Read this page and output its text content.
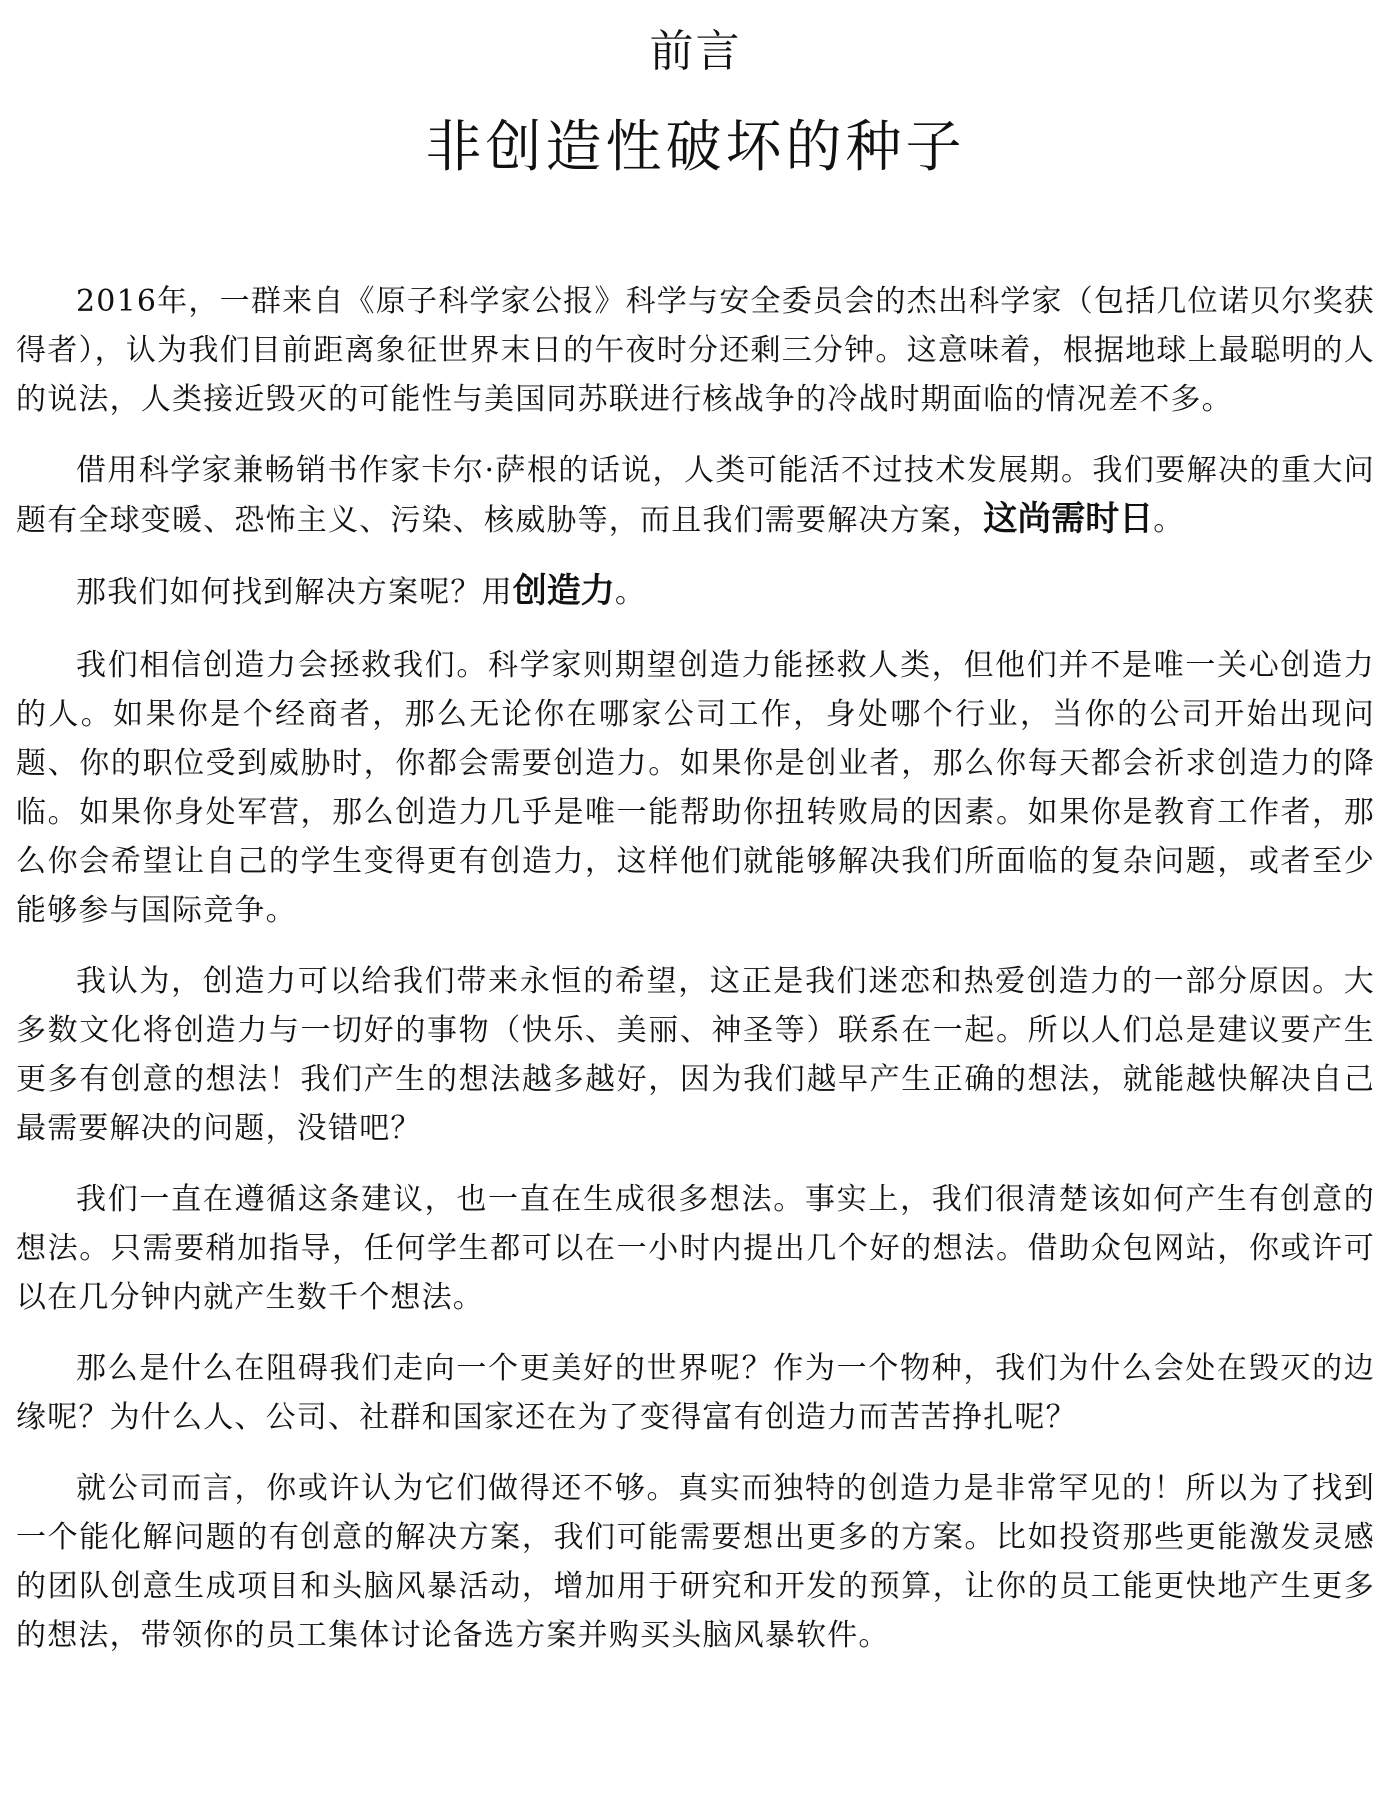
前言
非创造性破坏的种子

2016年，一群来自《原子科学家公报》科学与安全委员会的杰出科学家（包括几位诺贝尔奖获得者），认为我们目前距离象征世界末日的午夜时分还剩三分钟。这意味着，根据地球上最聪明的人的说法，人类接近毁灭的可能性与美国同苏联进行核战争的冷战时期面临的情况差不多。

借用科学家兼畅销书作家卡尔·萨根的话说，人类可能活不过技术发展期。我们要解决的重大问题有全球变暖、恐怖主义、污染、核威胁等，而且我们需要解决方案，这尚需时日。

那我们如何找到解决方案呢？用创造力。

我们相信创造力会拯救我们。科学家则期望创造力能拯救人类，但他们并不是唯一关心创造力的人。如果你是个经商者，那么无论你在哪家公司工作，身处哪个行业，当你的公司开始出现问题、你的职位受到威胁时，你都会需要创造力。如果你是创业者，那么你每天都会祈求创造力的降临。如果你身处军营，那么创造力几乎是唯一能帮助你扭转败局的因素。如果你是教育工作者，那么你会希望让自己的学生变得更有创造力，这样他们就能够解决我们所面临的复杂问题，或者至少能够参与国际竞争。

我认为，创造力可以给我们带来永恒的希望，这正是我们迷恋和热爱创造力的一部分原因。大多数文化将创造力与一切好的事物（快乐、美丽、神圣等）联系在一起。所以人们总是建议要产生更多有创意的想法！我们产生的想法越多越好，因为我们越早产生正确的想法，就能越快解决自己最需要解决的问题，没错吧？

我们一直在遵循这条建议，也一直在生成很多想法。事实上，我们很清楚该如何产生有创意的想法。只需要稍加指导，任何学生都可以在一小时内提出几个好的想法。借助众包网站，你或许可以在几分钟内就产生数千个想法。

那么是什么在阻碍我们走向一个更美好的世界呢？作为一个物种，我们为什么会处在毁灭的边缘呢？为什么人、公司、社群和国家还在为了变得富有创造力而苦苦挣扎呢？

就公司而言，你或许认为它们做得还不够。真实而独特的创造力是非常罕见的！所以为了找到一个能化解问题的有创意的解决方案，我们可能需要想出更多的方案。比如投资那些更能激发灵感的团队创意生成项目和头脑风暴活动，增加用于研究和开发的预算，让你的员工能更快地产生更多的想法，带领你的员工集体讨论备选方案并购买头脑风暴软件。
